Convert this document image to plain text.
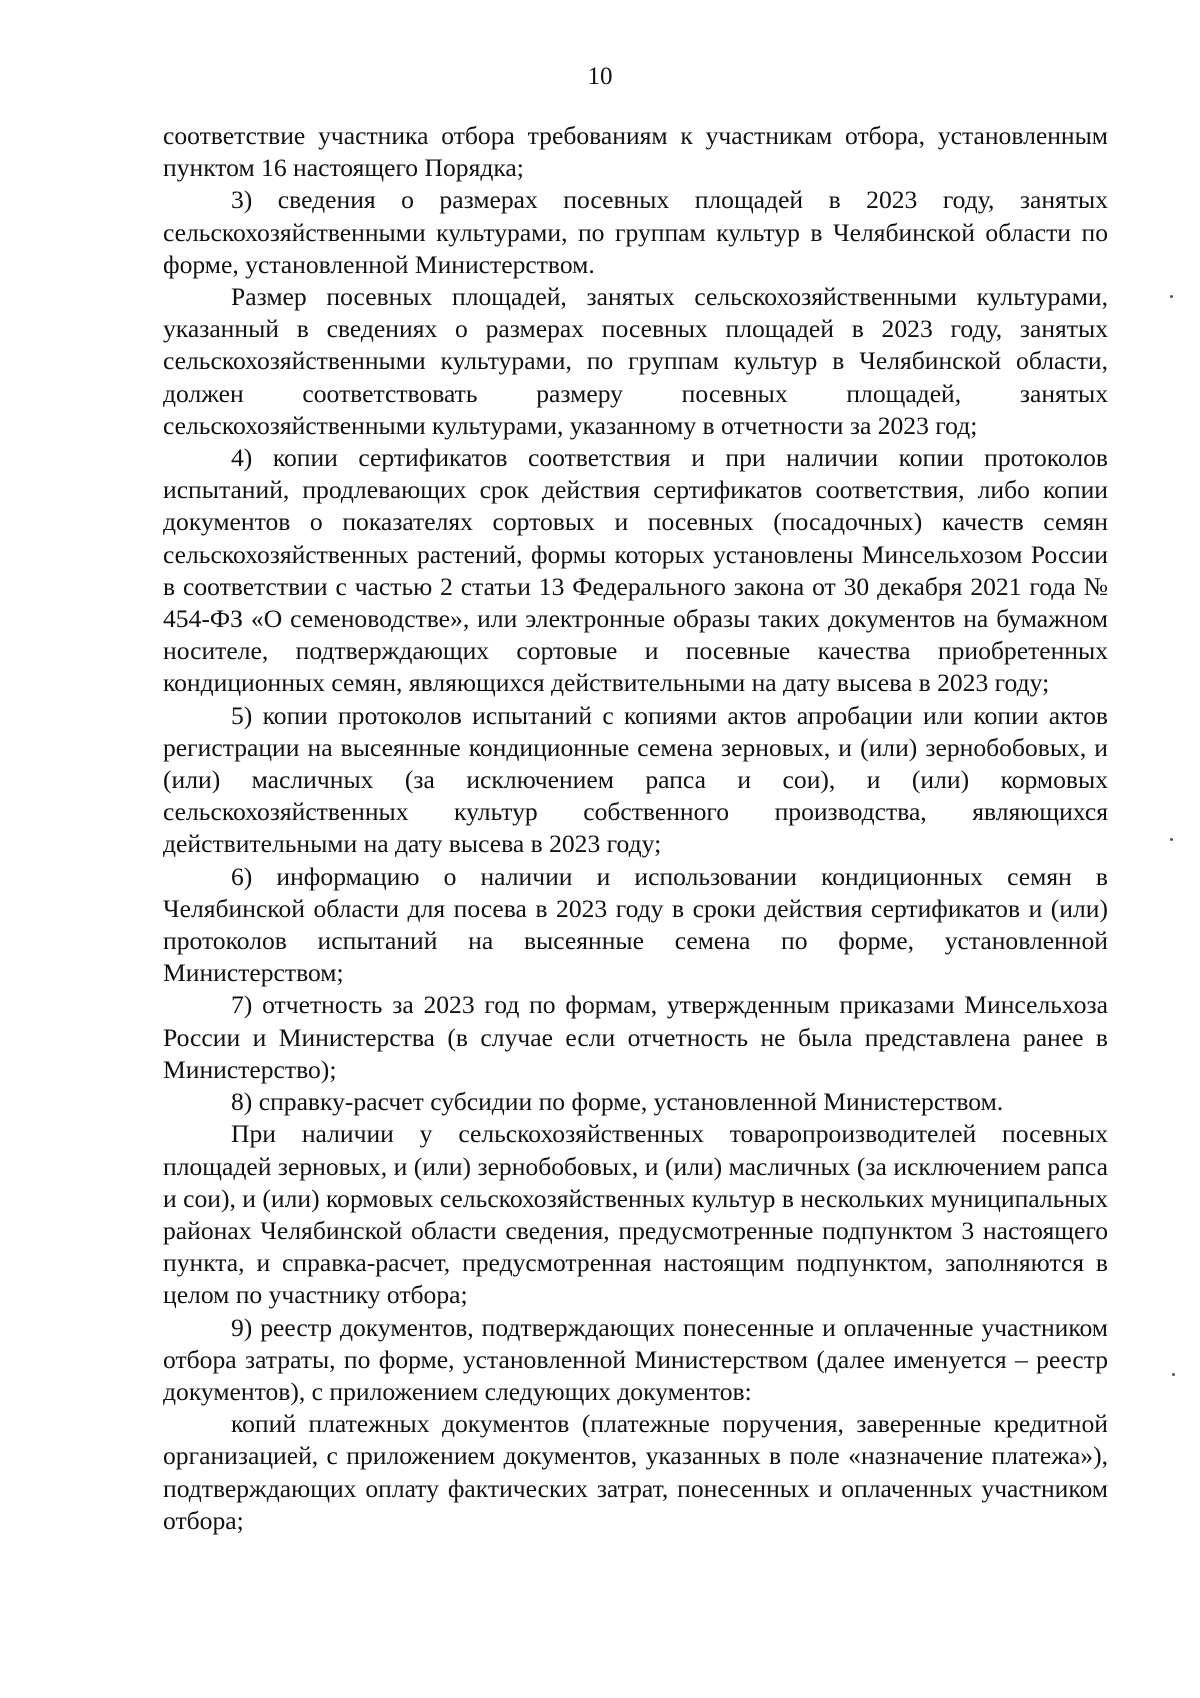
10

соответствие участника отбора требованиям к участникам отбора, установленным пунктом 16 настоящего Порядка;

3) сведения о размерах посевных площадей в 2023 году, занятых сельскохозяйственными культурами, по группам культур в Челябинской области по форме, установленной Министерством.

Размер посевных площадей, занятых сельскохозяйственными культурами, указанный в сведениях о размерах посевных площадей в 2023 году, занятых сельскохозяйственными культурами, по группам культур в Челябинской области, должен соответствовать размеру посевных площадей, занятых сельскохозяйственными культурами, указанному в отчетности за 2023 год;

4) копии сертификатов соответствия и при наличии копии протоколов испытаний, продлевающих срок действия сертификатов соответствия, либо копии документов о показателях сортовых и посевных (посадочных) качеств семян сельскохозяйственных растений, формы которых установлены Минсельхозом России в соответствии с частью 2 статьи 13 Федерального закона от 30 декабря 2021 года № 454-ФЗ «О семеноводстве», или электронные образы таких документов на бумажном носителе, подтверждающих сортовые и посевные качества приобретенных кондиционных семян, являющихся действительными на дату высева в 2023 году;

5) копии протоколов испытаний с копиями актов апробации или копии актов регистрации на высеянные кондиционные семена зерновых, и (или) зернобобовых, и (или) масличных (за исключением рапса и сои), и (или) кормовых сельскохозяйственных культур собственного производства, являющихся действительными на дату высева в 2023 году;

6) информацию о наличии и использовании кондиционных семян в Челябинской области для посева в 2023 году в сроки действия сертификатов и (или) протоколов испытаний на высеянные семена по форме, установленной Министерством;

7) отчетность за 2023 год по формам, утвержденным приказами Минсельхоза России и Министерства (в случае если отчетность не была представлена ранее в Министерство);

8) справку-расчет субсидии по форме, установленной Министерством.

При наличии у сельскохозяйственных товаропроизводителей посевных площадей зерновых, и (или) зернобобовых, и (или) масличных (за исключением рапса и сои), и (или) кормовых сельскохозяйственных культур в нескольких муниципальных районах Челябинской области сведения, предусмотренные подпунктом 3 настоящего пункта, и справка-расчет, предусмотренная настоящим подпунктом, заполняются в целом по участнику отбора;

9) реестр документов, подтверждающих понесенные и оплаченные участником отбора затраты, по форме, установленной Министерством (далее именуется – реестр документов), с приложением следующих документов:

копий платежных документов (платежные поручения, заверенные кредитной организацией, с приложением документов, указанных в поле «назначение платежа»), подтверждающих оплату фактических затрат, понесенных и оплаченных участником отбора;
